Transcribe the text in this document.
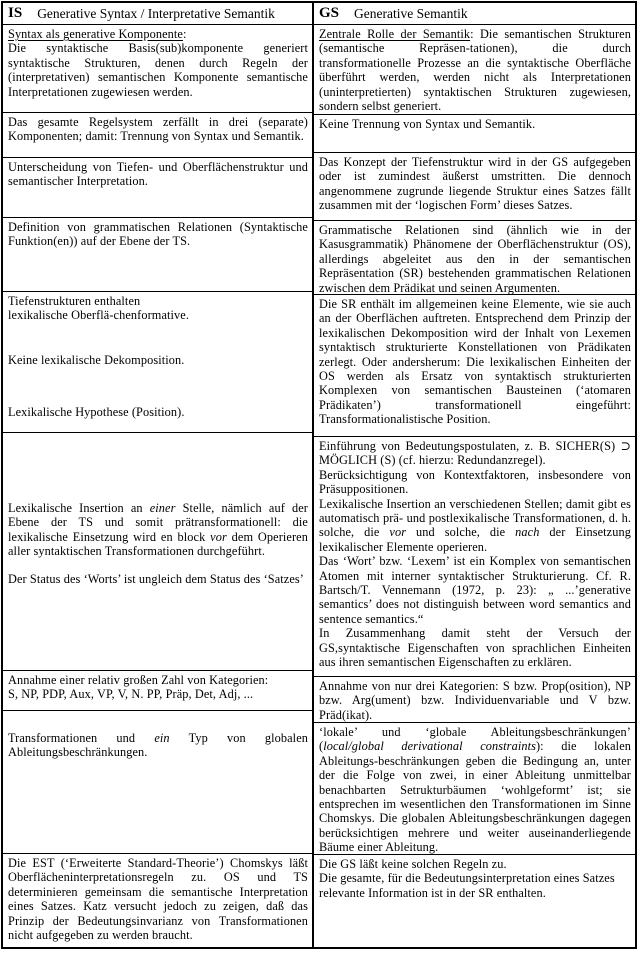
IS Generative Syntax / Interpretative Semantik

Syntax als generative Komponente:

Die syntaktische Basis(sub)komponente generiert syntaktische Strukturen, denen durch Regeln der (interpretativen) semantischen Komponente semantische Interpretationen zugewiesen werden.

Das gesamte Regelsystem zerfällt in drei (separate) Komponenten; damit: Trennung von Syntax und Semantik.

Unterscheidung von Tiefen- und Oberflächenstruktur und semantischer Interpretation.

Definition von grammatischen Relationen (Syntaktische Funktion(en)) auf der Ebene der TS.

Tiefenstrukturen enthalten

lexikalische Oberflä-chenformative.

Keine lexikalische Dekomposition.

Lexikalische Hypothese (Position).

Lexikalische Insertion an einer Stelle, nämlich auf der Ebene der TS und somit prätransformationell: die lexikalische Einsetzung wird en block vor dem Operieren aller syntaktischen Transformationen durchgeführt.

Der Status des ‘Worts’ ist ungleich dem Status des ‘Satzes’

Annahme einer relativ großen Zahl von Kategorien:

S, NP, PDP, Aux, VP, V, N. PP, Präp, Det, Adj, ...

Transformationen und ein Typ von globalen Ableitungsbeschränkungen.

Die EST (‘Erweiterte Standard-Theorie’) Chomskys läßt Oberflächeninterpretationsregeln zu. OS und TS determinieren gemeinsam die semantische Interpretation eines Satzes. Katz versucht jedoch zu zeigen, daß das Prinzip der Bedeutungsinvarianz von Transformationen nicht aufgegeben zu werden braucht.

GS Generative Semantik

Zentrale Rolle der Semantik: Die semantischen Strukturen (semantische Repräsen-tationen), die durch transformationelle Prozesse an die syntaktische Oberfläche überführt werden, werden nicht als Interpretationen (uninterpretierten) syntaktischen Strukturen zugewiesen, sondern selbst generiert.

Keine Trennung von Syntax und Semantik.

Das Konzept der Tiefenstruktur wird in der GS aufgegeben oder ist zumindest äußerst umstritten. Die dennoch angenommene zugrunde liegende Struktur eines Satzes fällt zusammen mit der ‘logischen Form’ dieses Satzes.

Grammatische Relationen sind (ähnlich wie in der Kasusgrammatik) Phänomene der Oberflächenstruktur (OS), allerdings abgeleitet aus den in der semantischen Repräsentation (SR) bestehenden grammatischen Relationen zwischen dem Prädikat und seinen Argumenten.

Die SR enthält im allgemeinen keine Elemente, wie sie auch an der Oberflächen auftreten. Entsprechend dem Prinzip der lexikalischen Dekomposition wird der Inhalt von Lexemen syntaktisch strukturierte Konstellationen von Prädikaten zerlegt. Oder andersherum: Die lexikalischen Einheiten der OS werden als Ersatz von syntaktisch strukturierten Komplexen von semantischen Bausteinen (‘atomaren Prädikaten’) transformationell eingeführt: Transformationalistische Position.

Einführung von Bedeutungspostulaten, z. B. SICHER(S) ⊃ MÖGLICH (S) (cf. hierzu: Redundanzregel).

Berücksichtigung von Kontextfaktoren, insbesondere von Präsuppositionen.

Lexikalische Insertion an verschiedenen Stellen; damit gibt es automatisch prä- und postlexikalische Transformationen, d. h. solche, die vor und solche, die nach der Einsetzung lexikalischer Elemente operieren.

Das ‘Wort’ bzw. ‘Lexem’ ist ein Komplex von semantischen Atomen mit interner syntaktischer Strukturierung. Cf. R. Bartsch/T. Vennemann (1972, p. 23): „ ...’generative semantics’ does not distinguish between word semantics and sentence semantics.“

In Zusammenhang damit steht der Versuch der GS,syntaktische Eigenschaften von sprachlichen Einheiten aus ihren semantischen Eigenschaften zu erklären.

Annahme von nur drei Kategorien: S bzw. Prop(osition), NP bzw. Arg(ument) bzw. Individuenvariable und V bzw. Präd(ikat).

‘lokale’ und ‘globale Ableitungsbeschränkungen’ (local/global derivational constraints): die lokalen Ableitungs-beschränkungen geben die Bedingung an, unter der die Folge von zwei, in einer Ableitung unmittelbar benachbarten Setrukturbäumen ‘wohlgeformt’ ist; sie entsprechen im wesentlichen den Transformationen im Sinne Chomskys. Die globalen Ableitungsbeschränkungen dagegen berücksichtigen mehrere und weiter auseinanderliegende Bäume einer Ableitung.

Die GS läßt keine solchen Regeln zu.

Die gesamte, für die Bedeutungsinterpretation eines Satzes relevante Information ist in der SR enthalten.
